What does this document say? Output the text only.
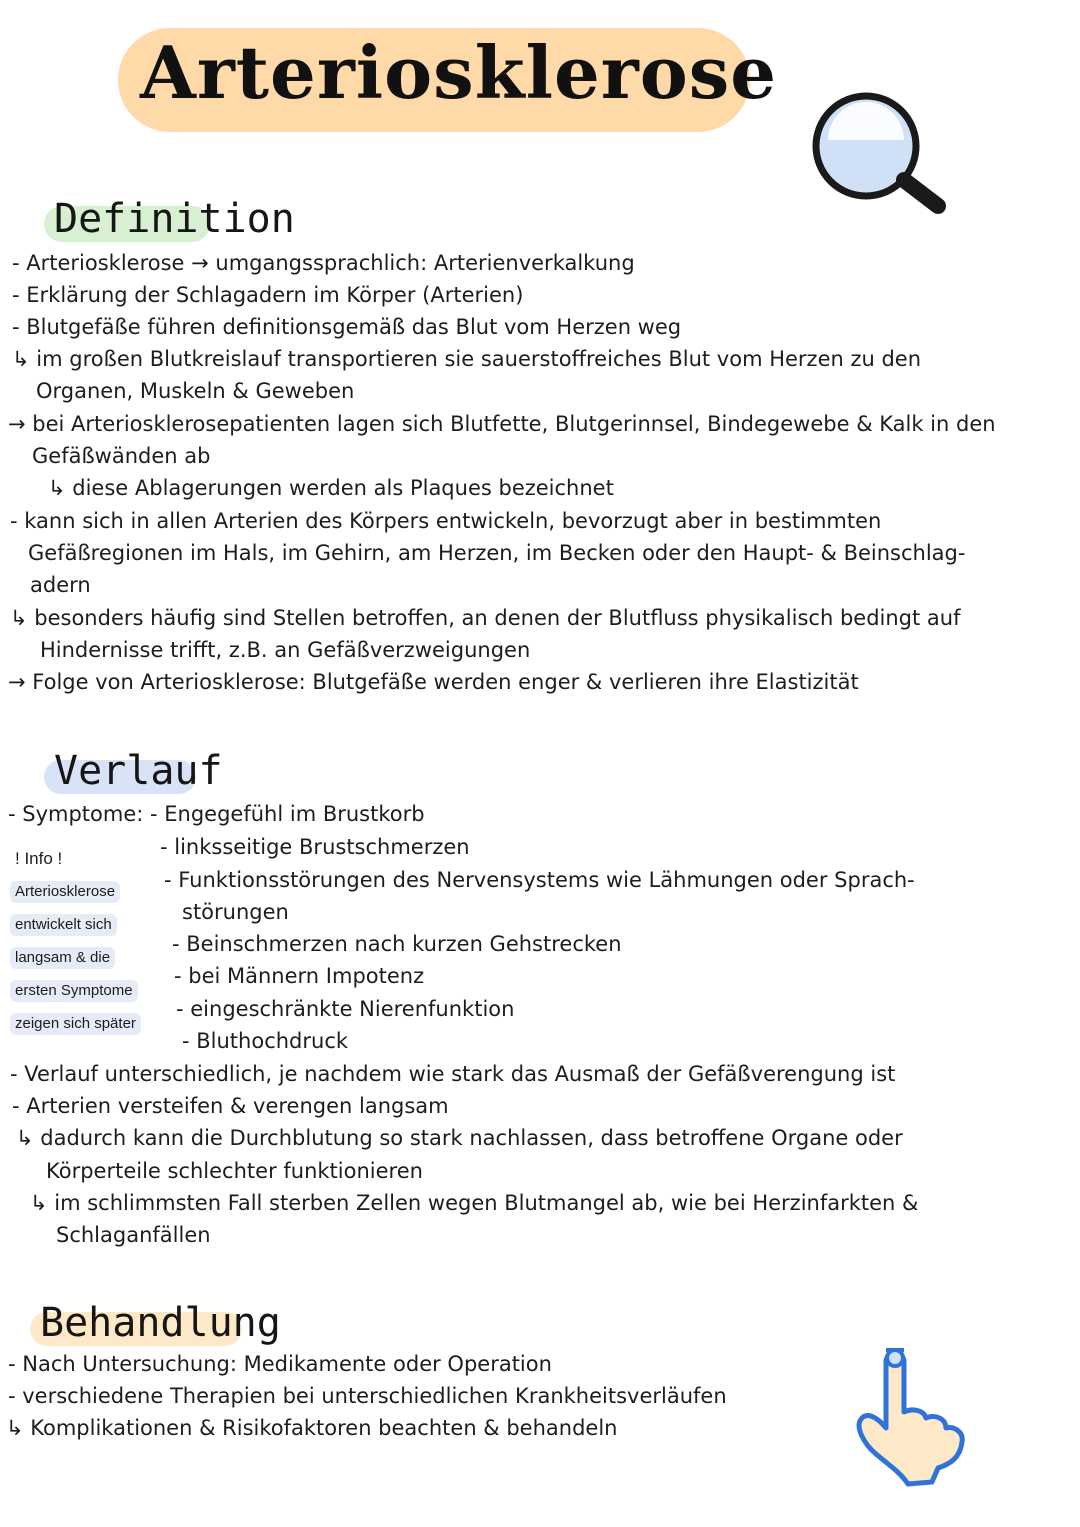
Arteriosklerose
Definition
- Arteriosklerose → umgangssprachlich: Arterienverkalkung
- Erklärung der Schlagadern im Körper (Arterien)
- Blutgefäße führen definitionsgemäß das Blut vom Herzen weg
↳ im großen Blutkreislauf transportieren sie sauerstoffreiches Blut vom Herzen zu den
Organen, Muskeln & Geweben
→ bei Arteriosklerosepatienten lagen sich Blutfette, Blutgerinnsel, Bindegewebe & Kalk in den
Gefäßwänden ab
↳ diese Ablagerungen werden als Plaques bezeichnet
- kann sich in allen Arterien des Körpers entwickeln, bevorzugt aber in bestimmten
Gefäßregionen im Hals, im Gehirn, am Herzen, im Becken oder den Haupt- & Beinschlag-
adern
↳ besonders häufig sind Stellen betroffen, an denen der Blutfluss physikalisch bedingt auf
Hindernisse trifft, z.B. an Gefäßverzweigungen
→ Folge von Arteriosklerose: Blutgefäße werden enger & verlieren ihre Elastizität
Verlauf
- Symptome: - Engegefühl im Brustkorb
- linksseitige Brustschmerzen
- Funktionsstörungen des Nervensystems wie Lähmungen oder Sprach-
störungen
- Beinschmerzen nach kurzen Gehstrecken
- bei Männern Impotenz
- eingeschränkte Nierenfunktion
- Bluthochdruck
- Verlauf unterschiedlich, je nachdem wie stark das Ausmaß der Gefäßverengung ist
- Arterien versteifen & verengen langsam
↳ dadurch kann die Durchblutung so stark nachlassen, dass betroffene Organe oder
Körperteile schlechter funktionieren
↳ im schlimmsten Fall sterben Zellen wegen Blutmangel ab, wie bei Herzinfarkten &
Schlaganfällen
! Info !
Arteriosklerose
entwickelt sich
langsam & die
ersten Symptome
zeigen sich später
Behandlung
- Nach Untersuchung: Medikamente oder Operation
- verschiedene Therapien bei unterschiedlichen Krankheitsverläufen
↳ Komplikationen & Risikofaktoren beachten & behandeln
